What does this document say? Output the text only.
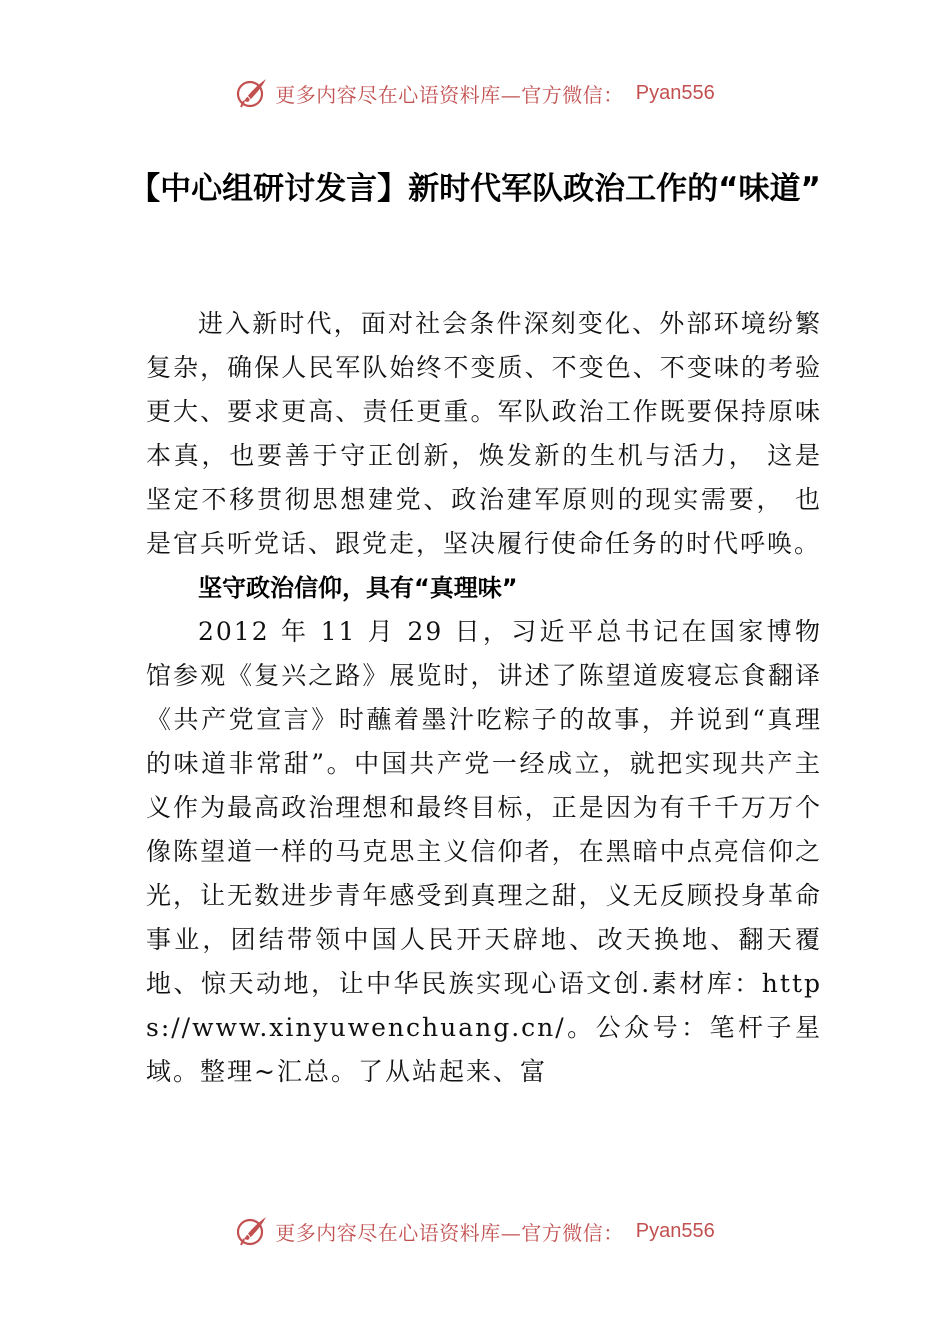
更多内容尽在心语资料库—官方微信： Pyan556
【中心组研讨发言】新时代军队政治工作的“味道”

进入新时代，面对社会条件深刻变化、外部环境纷繁复杂，确保人民军队始终不变质、不变色、不变味的考验更大、要求更高、责任更重。军队政治工作既要保持原味本真，也要善于守正创新，焕发新的生机与活力， 这是坚定不移贯彻思想建党、政治建军原则的现实需要， 也是官兵听党话、跟党走，坚决履行使命任务的时代呼唤。

坚守政治信仰，具有“真理味”

2012 年 11 月 29 日，习近平总书记在国家博物馆参观《复兴之路》展览时，讲述了陈望道废寝忘食翻译《共产党宣言》时蘸着墨汁吃粽子的故事，并说到“真理的味道非常甜”。中国共产党一经成立，就把实现共产主义作为最高政治理想和最终目标，正是因为有千千万万个像陈望道一样的马克思主义信仰者，在黑暗中点亮信仰之光，让无数进步青年感受到真理之甜，义无反顾投身革命事业，团结带领中国人民开天辟地、改天换地、翻天覆地、惊天动地，让中华民族实现心语文创.素材库：https://www.xinyuwenchuang.cn/。公众号：笔杆子星域。整理~汇总。了从站起来、富

更多内容尽在心语资料库—官方微信： Pyan556
